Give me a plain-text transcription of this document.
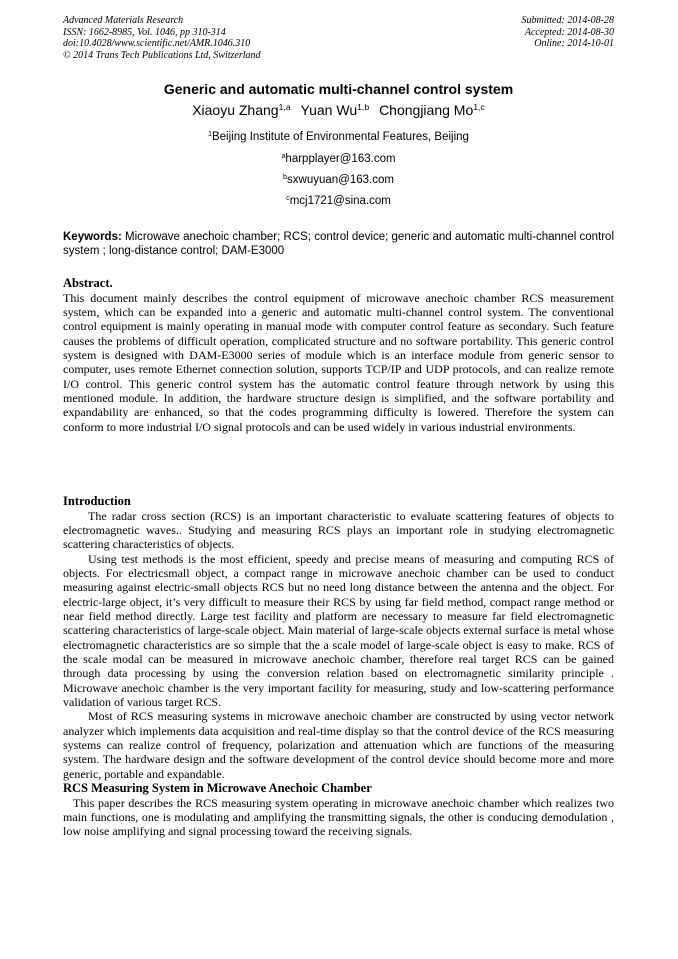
Advanced Materials Research
ISSN: 1662-8985, Vol. 1046, pp 310-314
doi:10.4028/www.scientific.net/AMR.1046.310
© 2014 Trans Tech Publications Ltd, Switzerland
Submitted: 2014-08-28
Accepted: 2014-08-30
Online: 2014-10-01
Generic and automatic multi-channel control system
Xiaoyu Zhang$^{1,a}$ Yuan Wu$^{1,b}$ Chongjiang Mo$^{1,c}$
$^1$Beijing Institute of Environmental Features, Beijing
$^a$harpplayer@163.com
$^b$sxwuyuan@163.com
$^c$mcj1721@sina.com
Keywords: Microwave anechoic chamber; RCS; control device; generic and automatic multi-channel control system ; long-distance control; DAM-E3000
Abstract.

This document mainly describes the control equipment of microwave anechoic chamber RCS measurement system, which can be expanded into a generic and automatic multi-channel control system. The conventional control equipment is mainly operating in manual mode with computer control feature as secondary. Such feature causes the problems of difficult operation, complicated structure and no software portability. This generic control system is designed with DAM-E3000 series of module which is an interface module from generic sensor to computer, uses remote Ethernet connection solution, supports TCP/IP and UDP protocols, and can realize remote I/O control. This generic control system has the automatic control feature through network by using this mentioned module. In addition, the hardware structure design is simplified, and the software portability and expandability are enhanced, so that the codes programming difficulty is lowered. Therefore the system can conform to more industrial I/O signal protocols and can be used widely in various industrial environments.

Introduction

The radar cross section (RCS) is an important characteristic to evaluate scattering features of objects to electromagnetic waves.. Studying and measuring RCS plays an important role in studying electromagnetic scattering characteristics of objects.

Using test methods is the most efficient, speedy and precise means of measuring and computing RCS of objects. For electricsmall object, a compact range in microwave anechoic chamber can be used to conduct measuring against electric-small objects RCS but no need long distance between the antenna and the object. For electric-large object, it’s very difficult to measure their RCS by using far field method, compact range method or near field method directly. Large test facility and platform are necessary to measure far field electromagnetic scattering characteristics of large-scale object. Main material of large-scale objects external surface is metal whose electromagnetic characteristics are so simple that the a scale model of large-scale object is easy to make. RCS of the scale modal can be measured in microwave anechoic chamber, therefore real target RCS can be gained through data processing by using the conversion relation based on electromagnetic similarity principle . Microwave anechoic chamber is the very important facility for measuring, study and low-scattering performance validation of various target RCS.

Most of RCS measuring systems in microwave anechoic chamber are constructed by using vector network analyzer which implements data acquisition and real-time display so that the control device of the RCS measuring systems can realize control of frequency, polarization and attenuation which are functions of the measuring system. The hardware design and the software development of the control device should become more and more generic, portable and expandable.

RCS Measuring System in Microwave Anechoic Chamber

This paper describes the RCS measuring system operating in microwave anechoic chamber which realizes two main functions, one is modulating and amplifying the transmitting signals, the other is conducing demodulation , low noise amplifying and signal processing toward the receiving signals.
